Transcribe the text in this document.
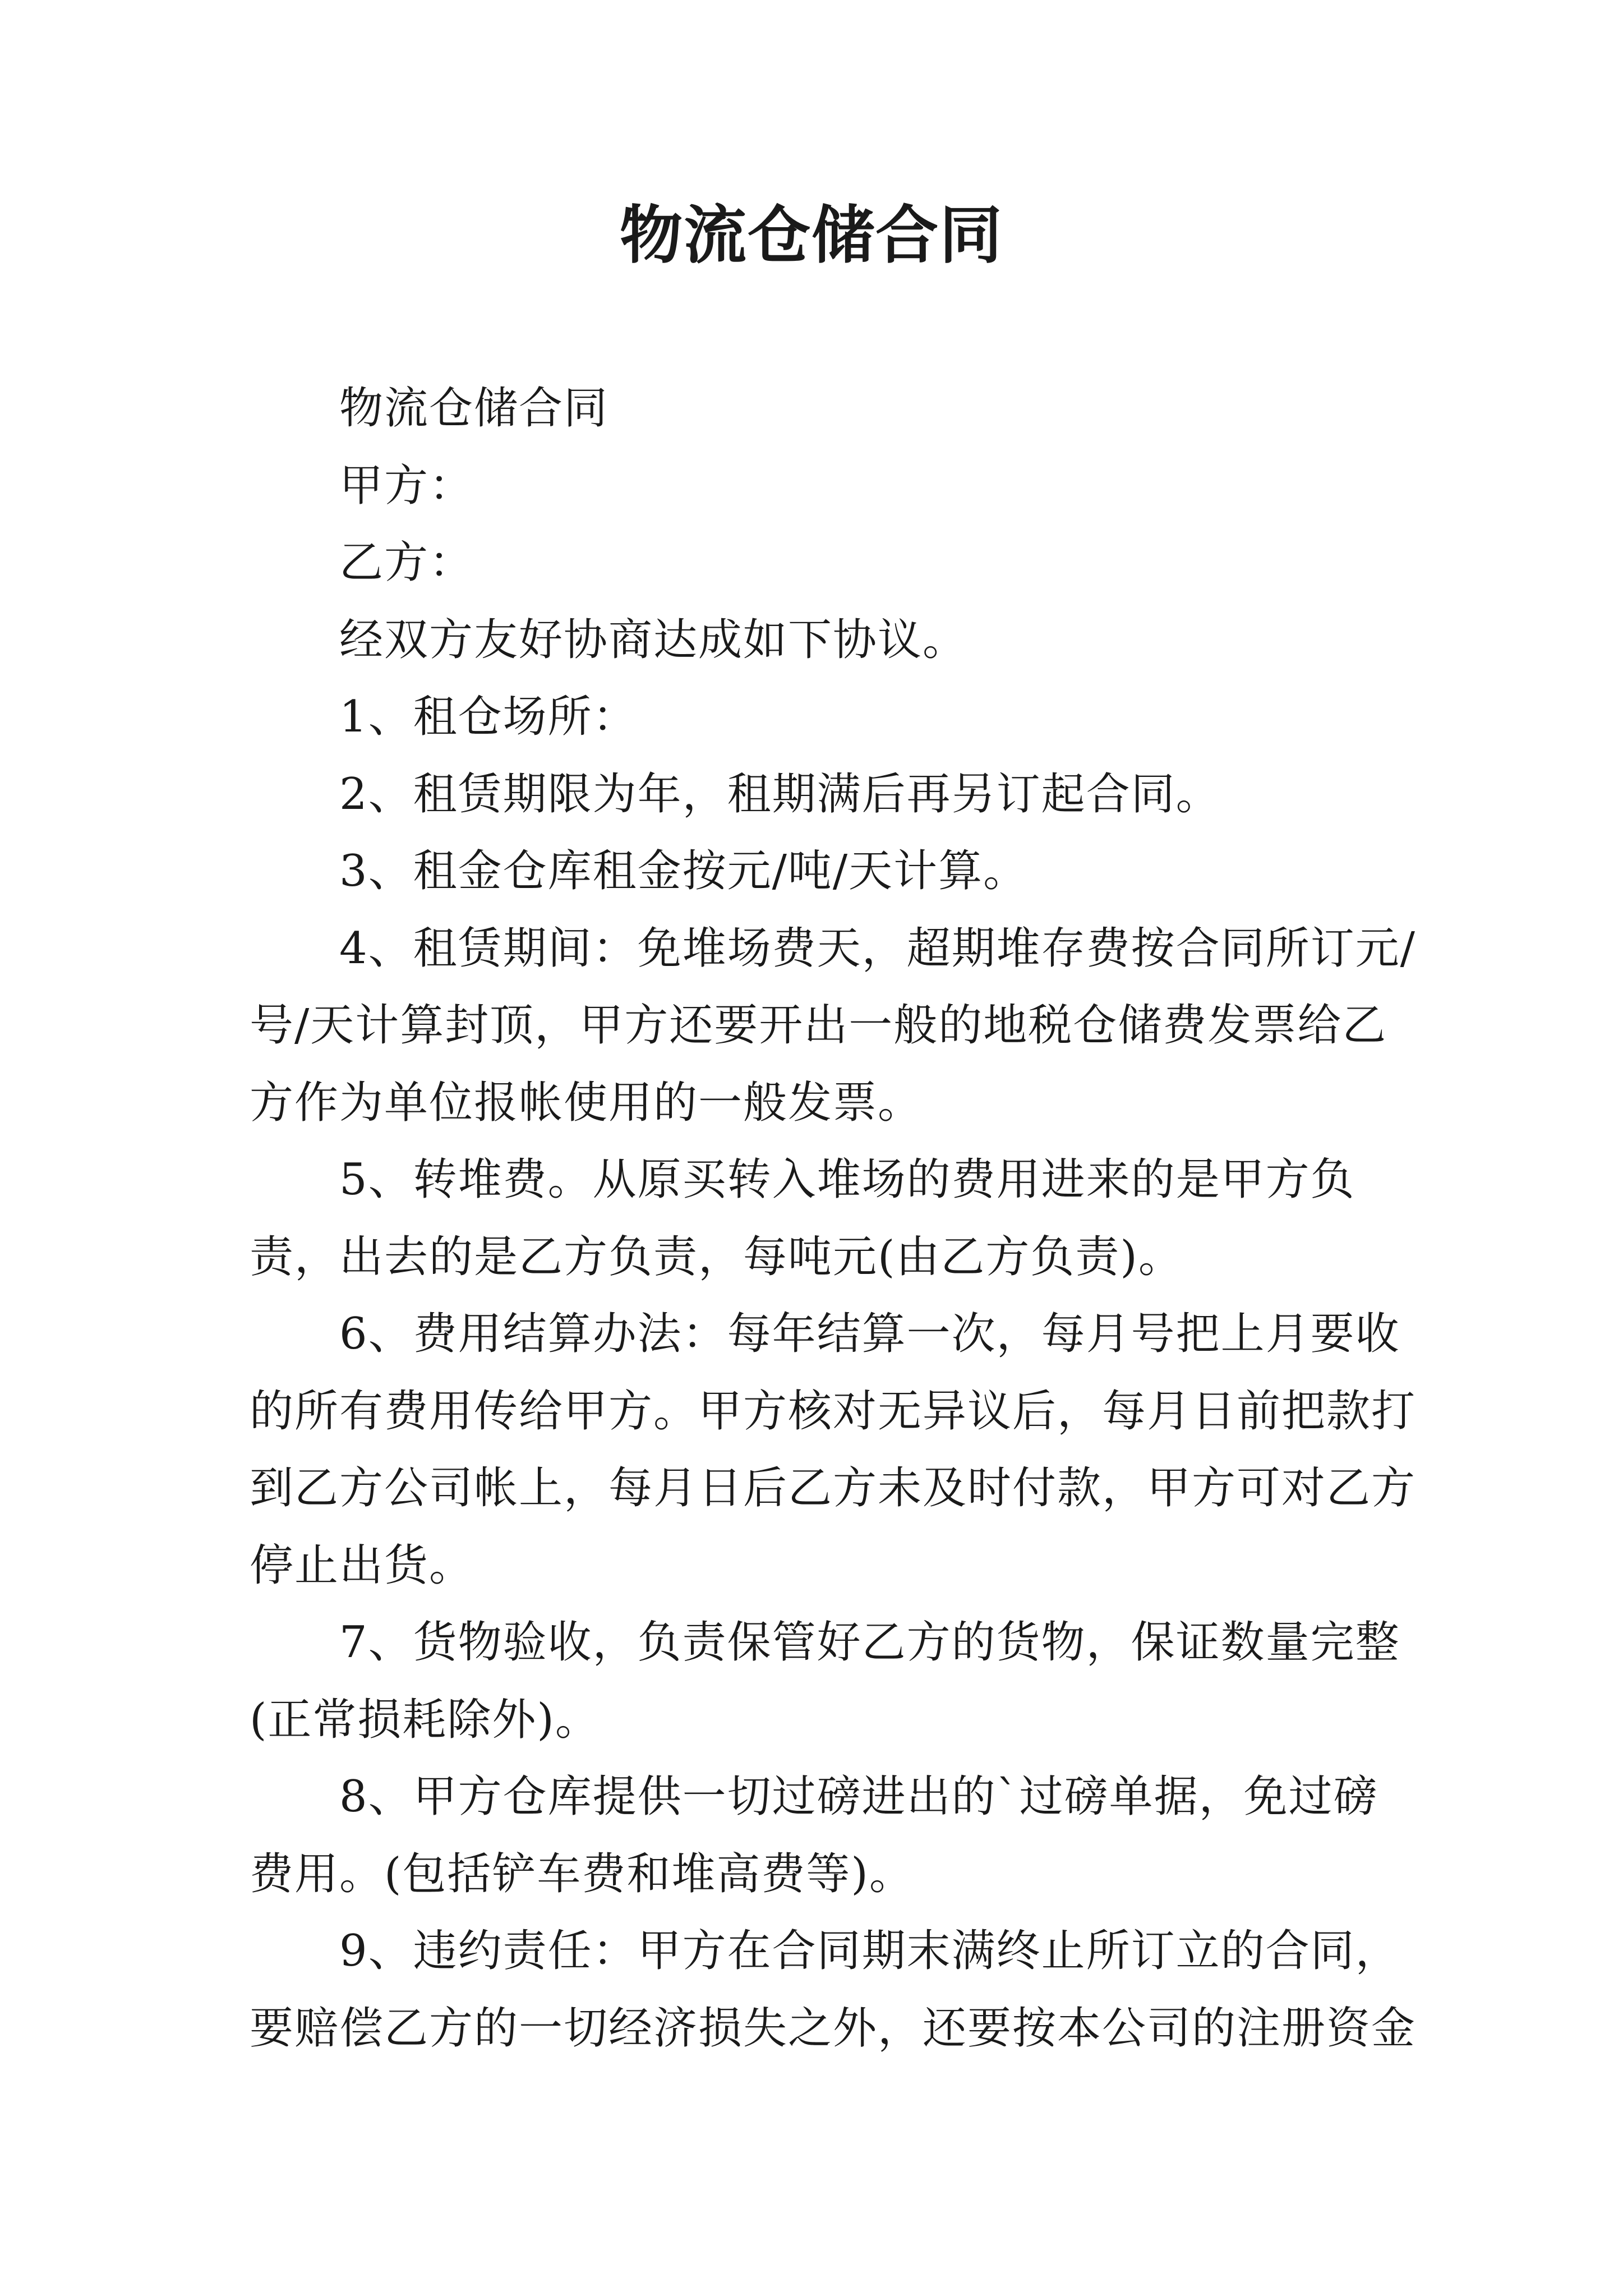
物流仓储合同

物流仓储合同

甲方：

乙方：

经双方友好协商达成如下协议。

1、租仓场所：

2、租赁期限为年，租期满后再另订起合同。

3、租金仓库租金按元/吨/天计算。

4、租赁期间：免堆场费天，超期堆存费按合同所订元/号/天计算封顶，甲方还要开出一般的地税仓储费发票给乙方作为单位报帐使用的一般发票。

5、转堆费。从原买转入堆场的费用进来的是甲方负责，出去的是乙方负责，每吨元(由乙方负责)。

6、费用结算办法：每年结算一次，每月号把上月要收的所有费用传给甲方。甲方核对无异议后，每月日前把款打到乙方公司帐上，每月日后乙方未及时付款，甲方可对乙方停止出货。

7、货物验收，负责保管好乙方的货物，保证数量完整(正常损耗除外)。

8、甲方仓库提供一切过磅进出的`过磅单据，免过磅费用。(包括铲车费和堆高费等)。

9、违约责任：甲方在合同期末满终止所订立的合同，要赔偿乙方的一切经济损失之外，还要按本公司的注册资金
